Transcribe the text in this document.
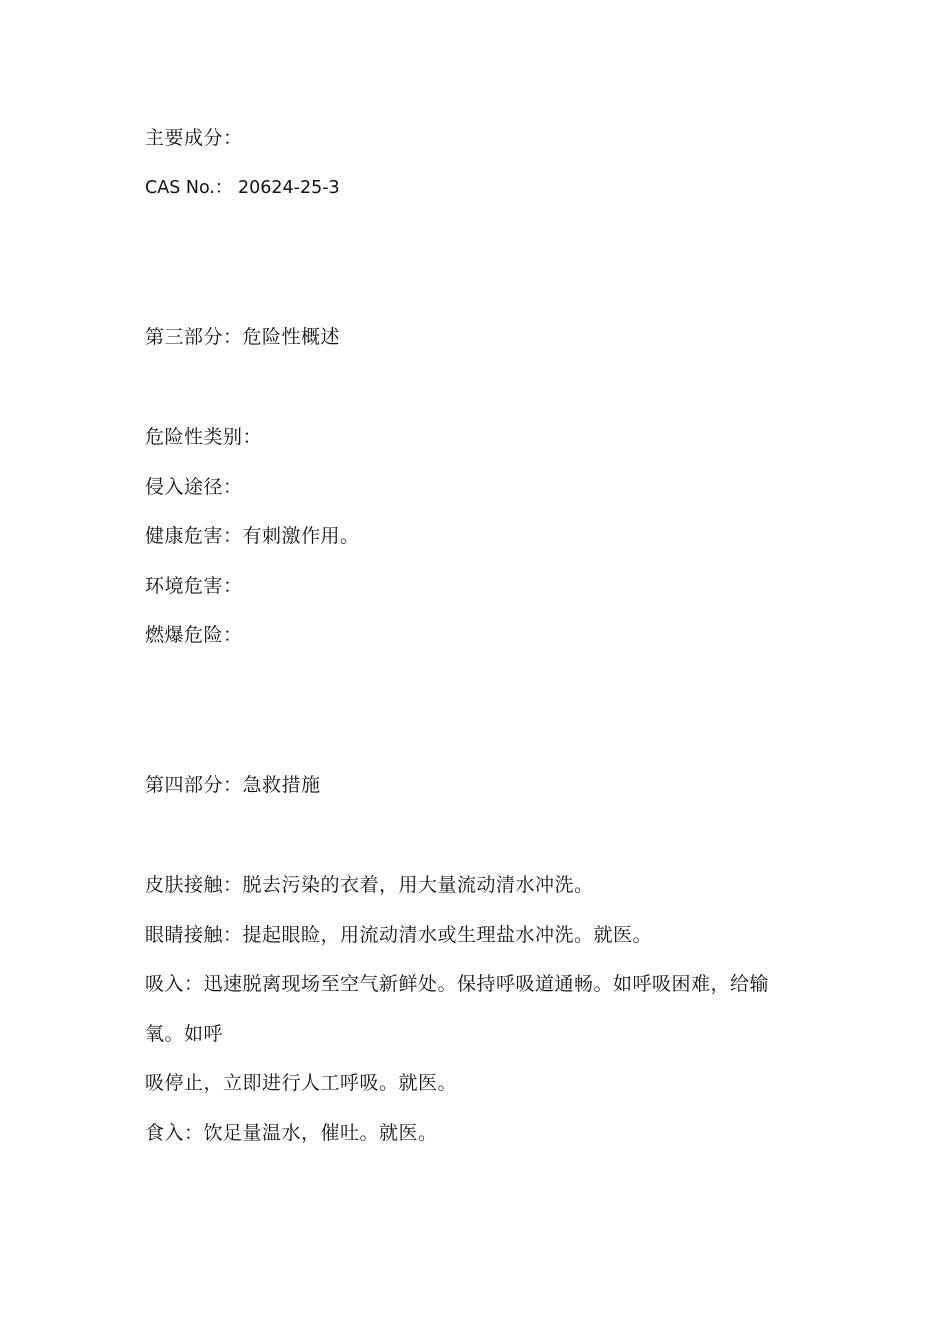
主要成分：
CAS No.： 20624-25-3
第三部分：危险性概述
危险性类别：
侵入途径：
健康危害：有刺激作用。
环境危害：
燃爆危险：
第四部分：急救措施
皮肤接触：脱去污染的衣着，用大量流动清水冲洗。
眼睛接触：提起眼睑，用流动清水或生理盐水冲洗。就医。
吸入：迅速脱离现场至空气新鲜处。保持呼吸道通畅。如呼吸困难，给输
氧。如呼
吸停止，立即进行人工呼吸。就医。
食入：饮足量温水，催吐。就医。
